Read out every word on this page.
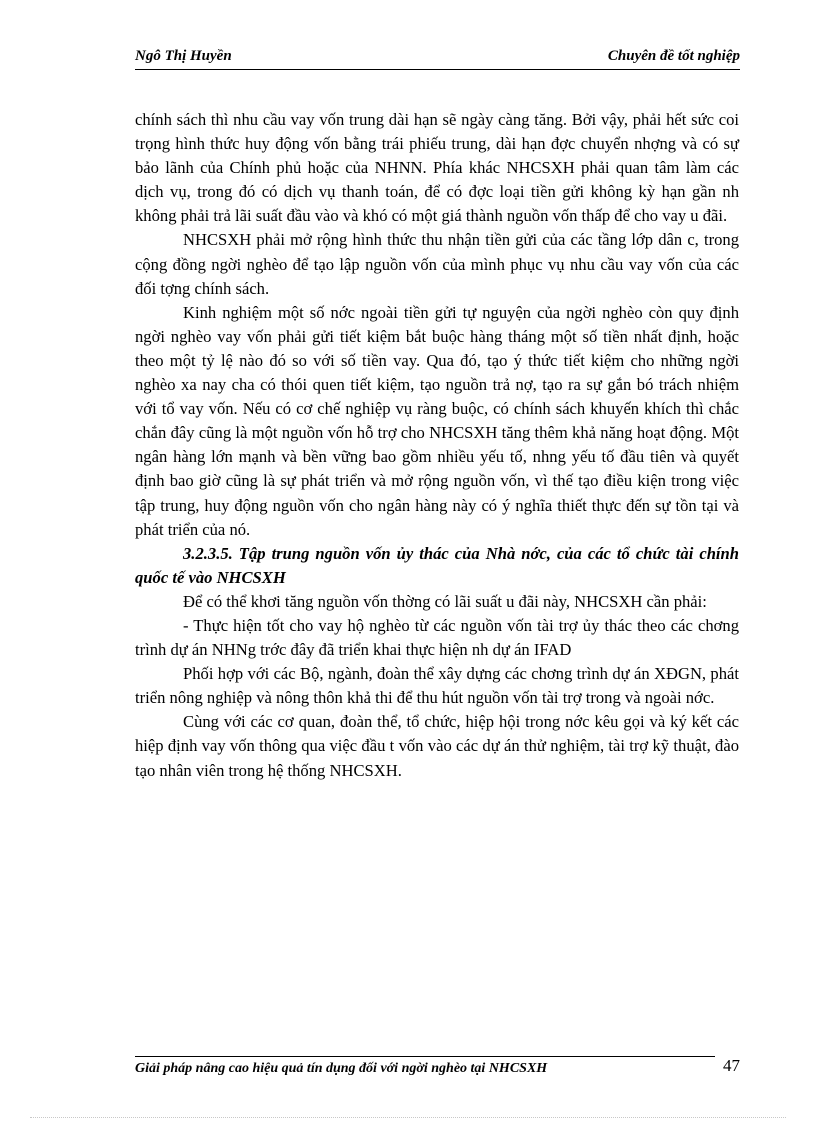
Ngô Thị Huyền	Chuyên đề tốt nghiệp

chính sách thì nhu cầu vay vốn trung dài hạn sẽ ngày càng tăng. Bởi vậy, phải hết sức coi trọng hình thức huy động vốn bằng trái phiếu trung, dài hạn đợc chuyển nhợng và có sự bảo lãnh của Chính phủ hoặc của NHNN. Phía khác NHCSXH phải quan tâm làm các dịch vụ, trong đó có dịch vụ thanh toán, để có đợc loại tiền gửi không kỳ hạn gần nh không phải trả lãi suất đầu vào và khó có một giá thành nguồn vốn thấp để cho vay u đãi.

NHCSXH phải mở rộng hình thức thu nhận tiền gửi của các tầng lớp dân c, trong cộng đồng ngời nghèo để tạo lập nguồn vốn của mình phục vụ nhu cầu vay vốn của các đối tợng chính sách.

Kinh nghiệm một số nớc ngoài tiền gửi tự nguyện của ngời nghèo còn quy định ngời nghèo vay vốn phải gửi tiết kiệm bắt buộc hàng tháng một số tiền nhất định, hoặc theo một tỷ lệ nào đó so với số tiền vay. Qua đó, tạo ý thức tiết kiệm cho những ngời nghèo xa nay cha có thói quen tiết kiệm, tạo nguồn trả nợ, tạo ra sự gắn bó trách nhiệm với tổ vay vốn. Nếu có cơ chế nghiệp vụ ràng buộc, có chính sách khuyến khích thì chắc chắn đây cũng là một nguồn vốn hỗ trợ cho NHCSXH tăng thêm khả năng hoạt động. Một ngân hàng lớn mạnh và bền vững bao gồm nhiều yếu tố, nhng yếu tố đầu tiên và quyết định bao giờ cũng là sự phát triển và mở rộng nguồn vốn, vì thế tạo điều kiện trong việc tập trung, huy động nguồn vốn cho ngân hàng này có ý nghĩa thiết thực đến sự tồn tại và phát triển của nó.

3.2.3.5. Tập trung nguồn vốn ủy thác của Nhà nớc, của các tổ chức tài chính quốc tế vào NHCSXH

Để có thể khơi tăng nguồn vốn thờng có lãi suất u đãi này, NHCSXH cần phải:

- Thực hiện tốt cho vay hộ nghèo từ các nguồn vốn tài trợ ủy thác theo các chơng trình dự án NHNg trớc đây đã triển khai thực hiện nh dự án IFAD

Phối hợp với các Bộ, ngành, đoàn thể xây dựng các chơng trình dự án XĐGN, phát triển nông nghiệp và nông thôn khả thi để thu hút nguồn vốn tài trợ trong và ngoài nớc.

Cùng với các cơ quan, đoàn thể, tổ chức, hiệp hội trong nớc kêu gọi và ký kết các hiệp định vay vốn thông qua việc đầu t vốn vào các dự án thử nghiệm, tài trợ kỹ thuật, đào tạo nhân viên trong hệ thống NHCSXH.

Giải pháp nâng cao hiệu quả tín dụng đối với ngời nghèo tại NHCSXH	47
